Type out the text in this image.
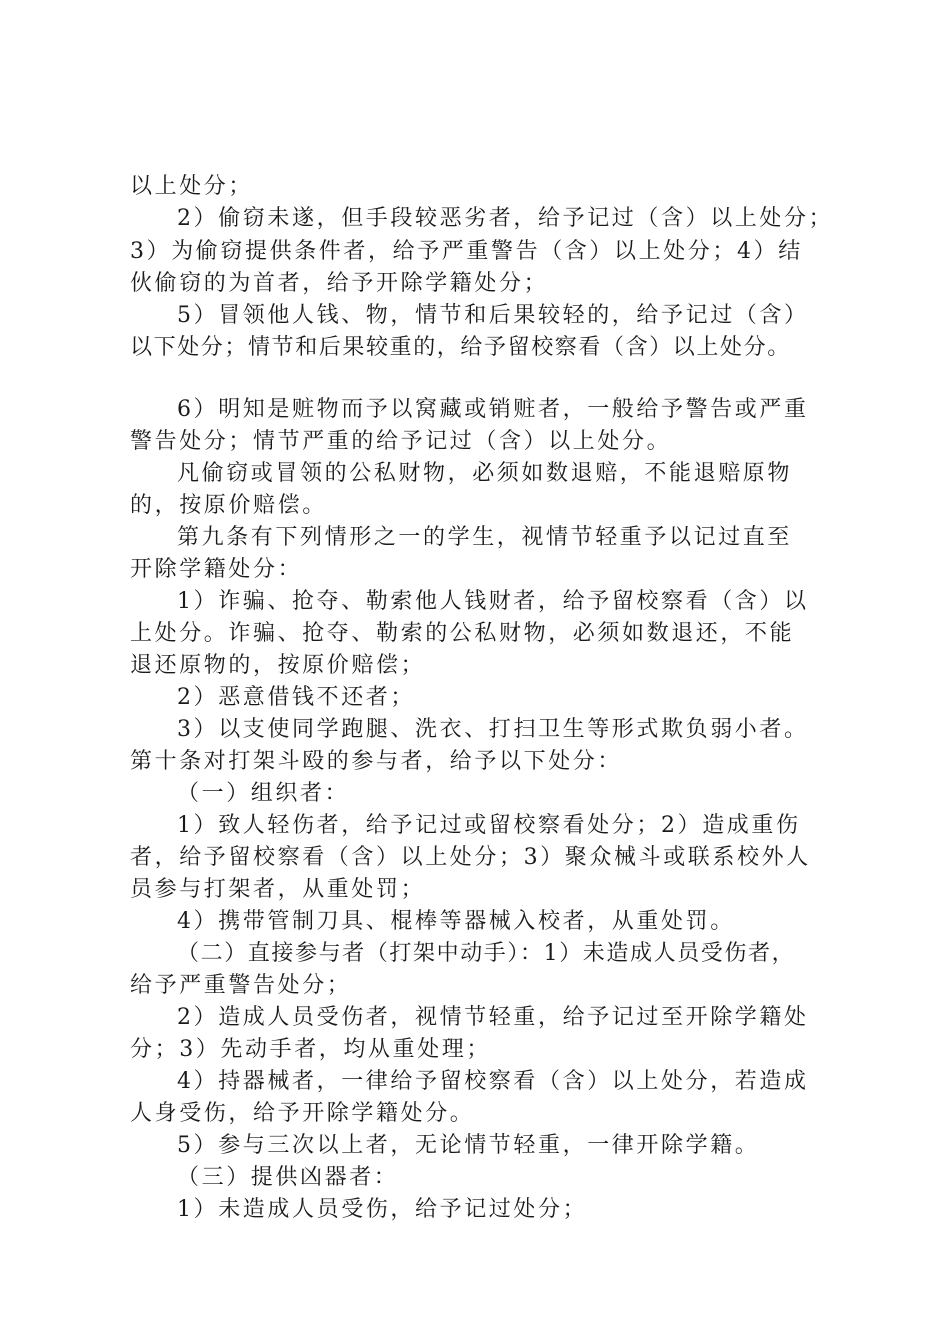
以上处分；
2）偷窃未遂，但手段较恶劣者，给予记过（含）以上处分；
3）为偷窃提供条件者，给予严重警告（含）以上处分；4）结
伙偷窃的为首者，给予开除学籍处分；
5）冒领他人钱、物，情节和后果较轻的，给予记过（含）
以下处分；情节和后果较重的，给予留校察看（含）以上处分。
6）明知是赃物而予以窝藏或销赃者，一般给予警告或严重
警告处分；情节严重的给予记过（含）以上处分。
凡偷窃或冒领的公私财物，必须如数退赔，不能退赔原物
的，按原价赔偿。
第九条有下列情形之一的学生，视情节轻重予以记过直至
开除学籍处分：
1）诈骗、抢夺、勒索他人钱财者，给予留校察看（含）以
上处分。诈骗、抢夺、勒索的公私财物，必须如数退还，不能
退还原物的，按原价赔偿；
2）恶意借钱不还者；
3）以支使同学跑腿、洗衣、打扫卫生等形式欺负弱小者。
第十条对打架斗殴的参与者，给予以下处分：
（一）组织者：
1）致人轻伤者，给予记过或留校察看处分；2）造成重伤
者，给予留校察看（含）以上处分；3）聚众械斗或联系校外人
员参与打架者，从重处罚；
4）携带管制刀具、棍棒等器械入校者，从重处罚。
（二）直接参与者（打架中动手）：1）未造成人员受伤者，
给予严重警告处分；
2）造成人员受伤者，视情节轻重，给予记过至开除学籍处
分；3）先动手者，均从重处理；
4）持器械者，一律给予留校察看（含）以上处分，若造成
人身受伤，给予开除学籍处分。
5）参与三次以上者，无论情节轻重，一律开除学籍。
（三）提供凶器者：
1）未造成人员受伤，给予记过处分；
